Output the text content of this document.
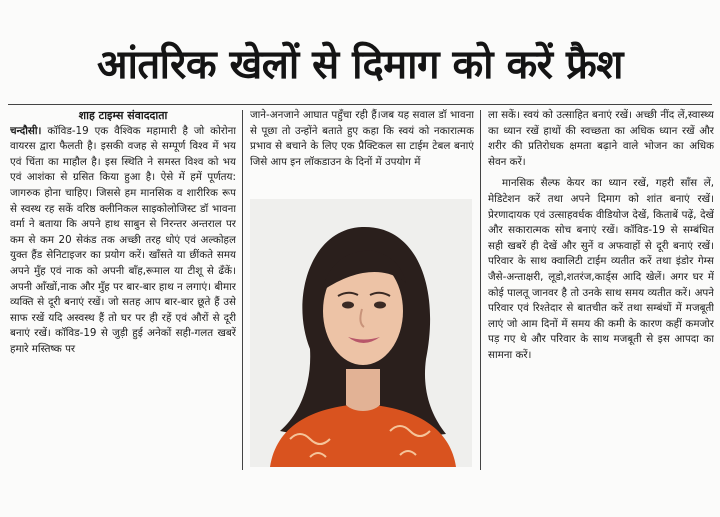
आंतरिक खेलों से दिमाग को करें फ्रैश

शाह टाइम्स संवाददाता

चन्दौसी। कॉविड-19 एक वैश्विक महामारी है जो कोरोना वायरस द्वारा फैलती है। इसकी वजह से सम्पूर्ण विश्व में भय एवं चिंता का माहौल है। इस स्थिति ने समस्त विश्व को भय एवं आशंका से ग्रसित किया हुआ है। ऐसे में हमें पूर्णतय: जागरुक होना चाहिए। जिससे हम मानसिक व शारीरिक रूप से स्वस्थ रह सकें वरिष्ठ क्लीनिकल साइकोलोजिस्ट डॉ भावना वर्मा ने बताया कि अपने हाथ साबुन से निरन्तर अन्तराल पर कम से कम 20 सेकंड तक अच्छी तरह धोएं एवं अल्कोहल युक्त हैंड सेनिटाइजर का प्रयोग करें। खाँसते या छींकते समय अपने मुँह एवं नाक को अपनी बाँह,रूमाल या टीशू से ढँकें। अपनी आँखों,नाक और मुँह पर बार-बार हाथ न लगाएं। बीमार व्यक्ति से दूरी बनाएं रखें। जो सतह आप बार-बार छूते हैं उसे साफ रखें यदि अस्वस्थ हैं तो घर पर ही रहें एवं औरों से दूरी बनाएं रखें। कॉविड-19 से जुड़ी हुई अनेकों सही-गलत खबरें हमारे मस्तिष्क पर

जाने-अनजाने आघात पहुँचा रही हैं।जब यह सवाल डॉ भावना से पूछा तो उन्होंने बताते हुए कहा कि स्वयं को नकारात्मक प्रभाव से बचाने के लिए एक प्रैक्टिकल सा टाईम टेबल बनाएं जिसे आप इन लॉकडाउन के दिनों में उपयोग में

ला सकें। स्वयं को उत्साहित बनाएं रखें। अच्छी नींद लें,स्वास्थ्य का ध्यान रखें हाथों की स्वच्छता का अधिक ध्यान रखें और शरीर की प्रतिरोधक क्षमता बढ़ाने वाले भोजन का अधिक सेवन करें।

मानसिक सैल्फ केयर का ध्यान रखें, गहरी साँस लें, मेडिटेशन करें तथा अपने दिमाग को शांत बनाएं रखें।प्रेरणादायक एवं उत्साहवर्धक वीडियोज देखें, किताबें पढ़ें, देखें और सकारात्मक सोच बनाएं रखें। कॉविड-19 से सम्बंधित सही खबरें ही देखें और सुनें व अफवाहों से दूरी बनाएं रखें। परिवार के साथ क्वालिटी टाईम व्यतीत करें तथा इंडोर गेम्स जैसे-अन्ताक्षरी, लूडो,शतरंज,कार्ड्स आदि खेलें। अगर घर में कोई पालतू जानवर है तो उनके साथ समय व्यतीत करें। अपने परिवार एवं रिश्तेदार से बातचीत करें तथा सम्बंधों में मजबूती लाएं जो आम दिनों में समय की कमी के कारण कहीं कमजोर पड़ गए थे और परिवार के साथ मजबूती से इस आपदा का सामना करें।
